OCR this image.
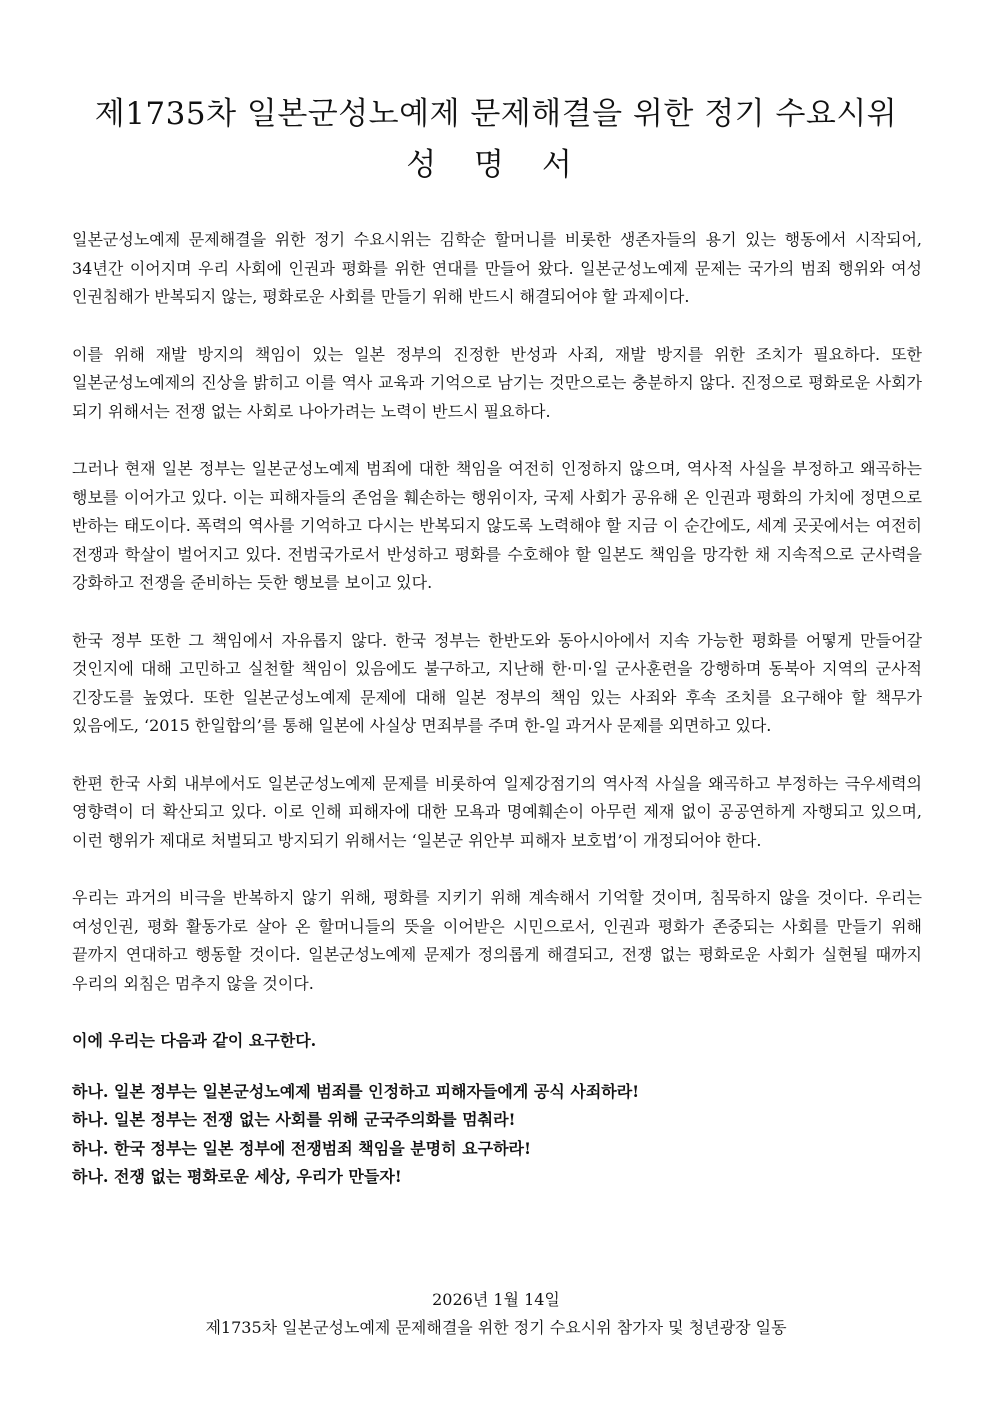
제1735차 일본군성노예제 문제해결을 위한 정기 수요시위
성 명 서

일본군성노예제 문제해결을 위한 정기 수요시위는 김학순 할머니를 비롯한 생존자들의 용기 있는 행동에서 시작되어, 34년간 이어지며 우리 사회에 인권과 평화를 위한 연대를 만들어 왔다. 일본군성노예제 문제는 국가의 범죄 행위와 여성 인권침해가 반복되지 않는, 평화로운 사회를 만들기 위해 반드시 해결되어야 할 과제이다.

이를 위해 재발 방지의 책임이 있는 일본 정부의 진정한 반성과 사죄, 재발 방지를 위한 조치가 필요하다. 또한 일본군성노예제의 진상을 밝히고 이를 역사 교육과 기억으로 남기는 것만으로는 충분하지 않다. 진정으로 평화로운 사회가 되기 위해서는 전쟁 없는 사회로 나아가려는 노력이 반드시 필요하다.

그러나 현재 일본 정부는 일본군성노예제 범죄에 대한 책임을 여전히 인정하지 않으며, 역사적 사실을 부정하고 왜곡하는 행보를 이어가고 있다. 이는 피해자들의 존엄을 훼손하는 행위이자, 국제 사회가 공유해 온 인권과 평화의 가치에 정면으로 반하는 태도이다. 폭력의 역사를 기억하고 다시는 반복되지 않도록 노력해야 할 지금 이 순간에도, 세계 곳곳에서는 여전히 전쟁과 학살이 벌어지고 있다. 전범국가로서 반성하고 평화를 수호해야 할 일본도 책임을 망각한 채 지속적으로 군사력을 강화하고 전쟁을 준비하는 듯한 행보를 보이고 있다.

한국 정부 또한 그 책임에서 자유롭지 않다. 한국 정부는 한반도와 동아시아에서 지속 가능한 평화를 어떻게 만들어갈 것인지에 대해 고민하고 실천할 책임이 있음에도 불구하고, 지난해 한·미·일 군사훈련을 강행하며 동북아 지역의 군사적 긴장도를 높였다. 또한 일본군성노예제 문제에 대해 일본 정부의 책임 있는 사죄와 후속 조치를 요구해야 할 책무가 있음에도, ‘2015 한일합의’를 통해 일본에 사실상 면죄부를 주며 한-일 과거사 문제를 외면하고 있다.

한편 한국 사회 내부에서도 일본군성노예제 문제를 비롯하여 일제강점기의 역사적 사실을 왜곡하고 부정하는 극우세력의 영향력이 더 확산되고 있다. 이로 인해 피해자에 대한 모욕과 명예훼손이 아무런 제재 없이 공공연하게 자행되고 있으며, 이런 행위가 제대로 처벌되고 방지되기 위해서는 ‘일본군 위안부 피해자 보호법’이 개정되어야 한다.

우리는 과거의 비극을 반복하지 않기 위해, 평화를 지키기 위해 계속해서 기억할 것이며, 침묵하지 않을 것이다. 우리는 여성인권, 평화 활동가로 살아 온 할머니들의 뜻을 이어받은 시민으로서, 인권과 평화가 존중되는 사회를 만들기 위해 끝까지 연대하고 행동할 것이다. 일본군성노예제 문제가 정의롭게 해결되고, 전쟁 없는 평화로운 사회가 실현될 때까지 우리의 외침은 멈추지 않을 것이다.

이에 우리는 다음과 같이 요구한다.

하나. 일본 정부는 일본군성노예제 범죄를 인정하고 피해자들에게 공식 사죄하라!
하나. 일본 정부는 전쟁 없는 사회를 위해 군국주의화를 멈춰라!
하나. 한국 정부는 일본 정부에 전쟁범죄 책임을 분명히 요구하라!
하나. 전쟁 없는 평화로운 세상, 우리가 만들자!
2026년 1월 14일
제1735차 일본군성노예제 문제해결을 위한 정기 수요시위 참가자 및 청년광장 일동
